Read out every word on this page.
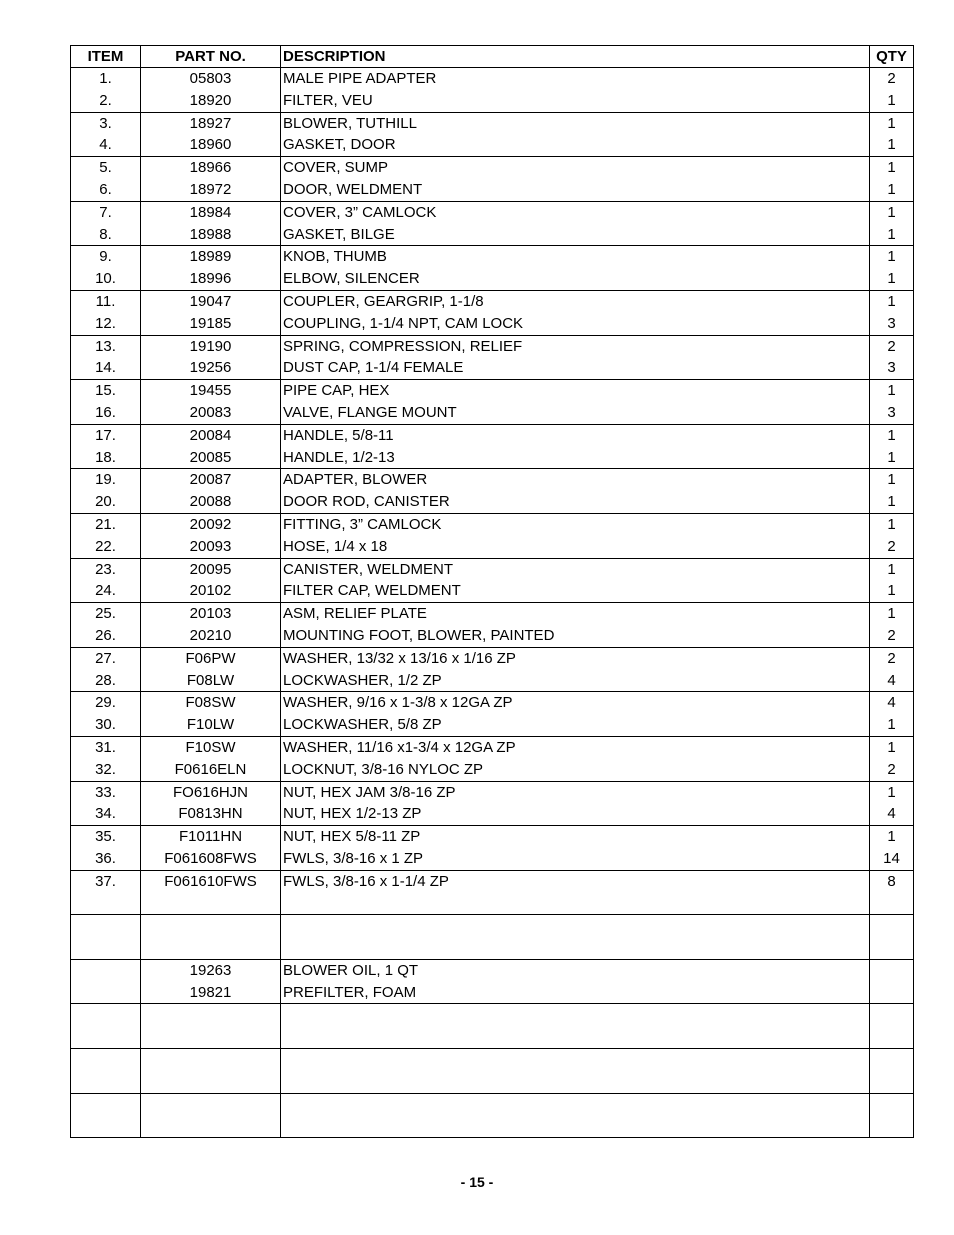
ITEM	PART NO.	DESCRIPTION	QTY
1.	05803	MALE PIPE ADAPTER	2
2.	18920	FILTER, VEU	1
3.	18927	BLOWER, TUTHILL	1
4.	18960	GASKET, DOOR	1
5.	18966	COVER, SUMP	1
6.	18972	DOOR, WELDMENT	1
7.	18984	COVER, 3” CAMLOCK	1
8.	18988	GASKET, BILGE	1
9.	18989	KNOB, THUMB	1
10.	18996	ELBOW, SILENCER	1
11.	19047	COUPLER, GEARGRIP, 1-1/8	1
12.	19185	COUPLING, 1-1/4 NPT, CAM LOCK	3
13.	19190	SPRING, COMPRESSION, RELIEF	2
14.	19256	DUST CAP, 1-1/4 FEMALE	3
15.	19455	PIPE CAP, HEX	1
16.	20083	VALVE, FLANGE MOUNT	3
17.	20084	HANDLE, 5/8-11	1
18.	20085	HANDLE, 1/2-13	1
19.	20087	ADAPTER, BLOWER	1
20.	20088	DOOR ROD, CANISTER	1
21.	20092	FITTING, 3” CAMLOCK	1
22.	20093	HOSE, 1/4 x 18	2
23.	20095	CANISTER, WELDMENT	1
24.	20102	FILTER CAP, WELDMENT	1
25.	20103	ASM, RELIEF PLATE	1
26.	20210	MOUNTING FOOT, BLOWER, PAINTED	2
27.	F06PW	WASHER, 13/32 x 13/16 x 1/16 ZP	2
28.	F08LW	LOCKWASHER, 1/2 ZP	4
29.	F08SW	WASHER, 9/16 x 1-3/8 x 12GA ZP	4
30.	F10LW	LOCKWASHER, 5/8 ZP	1
31.	F10SW	WASHER, 11/16 x1-3/4 x 12GA ZP	1
32.	F0616ELN	LOCKNUT, 3/8-16 NYLOC ZP	2
33.	FO616HJN	NUT, HEX JAM 3/8-16 ZP	1
34.	F0813HN	NUT, HEX 1/2-13 ZP	4
35.	F1011HN	NUT, HEX 5/8-11 ZP	1
36.	F061608FWS	FWLS, 3/8-16 x 1 ZP	14
37.	F061610FWS	FWLS, 3/8-16 x 1-1/4 ZP	8

	19263	BLOWER OIL, 1 QT	
	19821	PREFILTER, FOAM	

- 15 -
